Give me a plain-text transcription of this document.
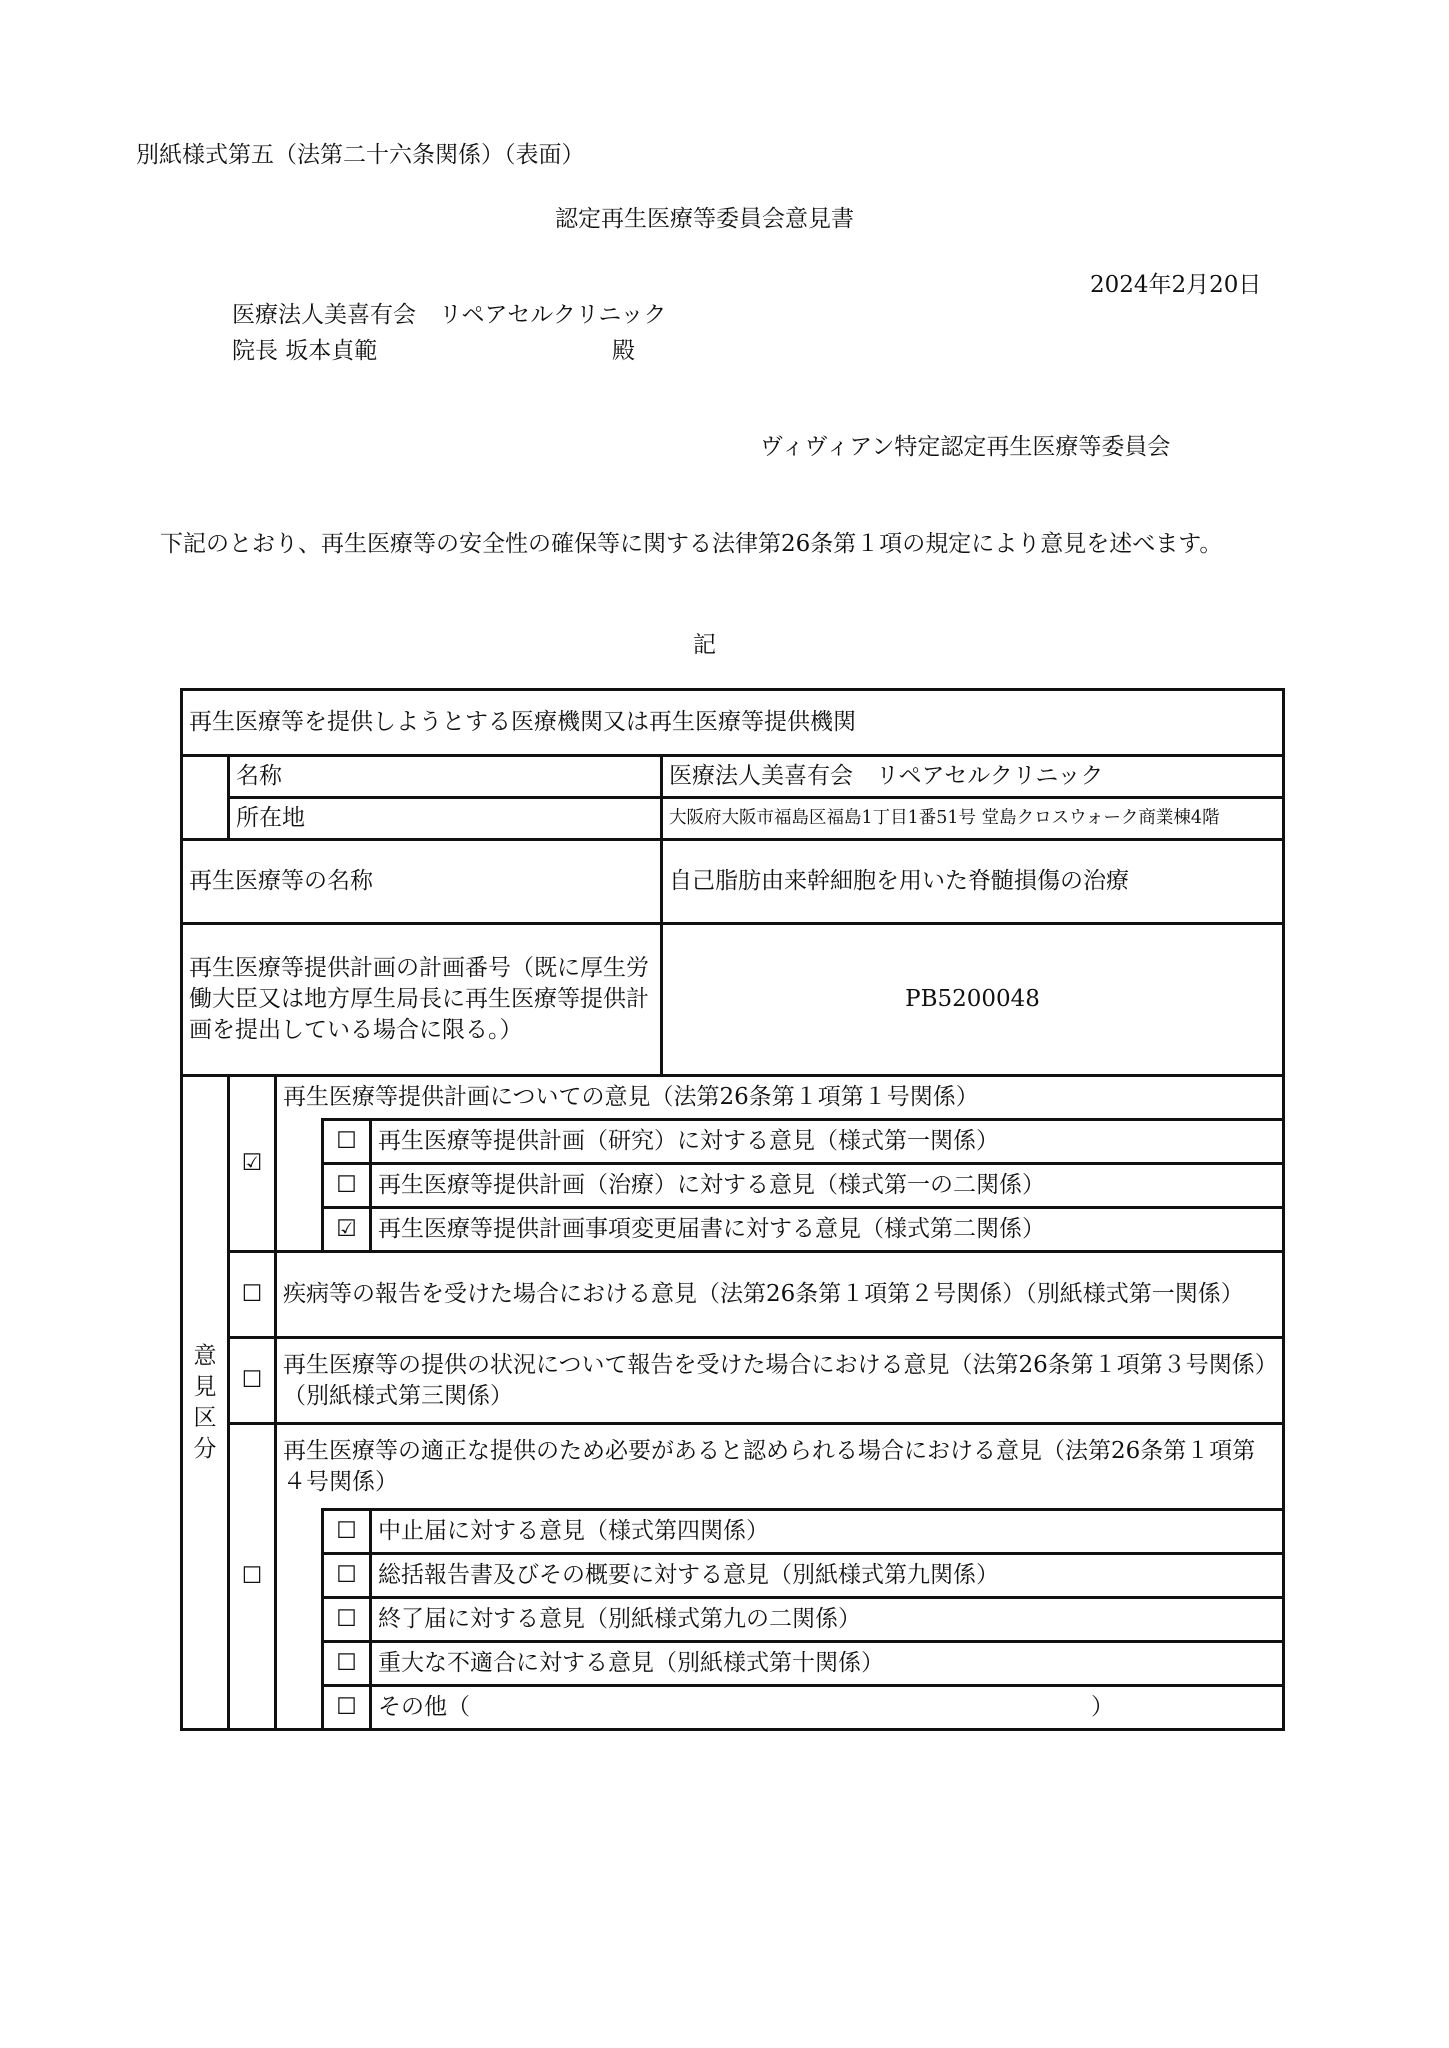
別紙様式第五（法第二十六条関係）（表面）
認定再生医療等委員会意見書
2024年2月20日
医療法人美喜有会　リペアセルクリニック
院長 坂本貞範	殿
ヴィヴィアン特定認定再生医療等委員会
下記のとおり、再生医療等の安全性の確保等に関する法律第26条第１項の規定により意見を述べます。
記
再生医療等を提供しようとする医療機関又は再生医療等提供機関					
	名称				医療法人美喜有会　リペアセルクリニック
	所在地				大阪府大阪市福島区福島1丁目1番51号 堂島クロスウォーク商業棟4階
再生医療等の名称					自己脂肪由来幹細胞を用いた脊髄損傷の治療
再生医療等提供計画の計画番号（既に厚生労働大臣又は地方厚生局長に再生医療等提供計画を提出している場合に限る。）					PB5200048

意
見
区
分	☑	再生医療等提供計画についての意見（法第26条第１項第１号関係）			
			☐	再生医療等提供計画（研究）に対する意見（様式第一関係）	
			☐	再生医療等提供計画（治療）に対する意見（様式第一の二関係）	
			☑	再生医療等提供計画事項変更届書に対する意見（様式第二関係）	
	☐	疾病等の報告を受けた場合における意見（法第26条第１項第２号関係）（別紙様式第一関係）			
	☐	再生医療等の提供の状況について報告を受けた場合における意見（法第26条第１項第３号関係）（別紙様式第三関係）			
	☐	再生医療等の適正な提供のため必要があると認められる場合における意見（法第26条第１項第４号関係）			
			☐	中止届に対する意見（様式第四関係）	
			☐	総括報告書及びその概要に対する意見（別紙様式第九関係）	
			☐	終了届に対する意見（別紙様式第九の二関係）	
			☐	重大な不適合に対する意見（別紙様式第十関係）	
			☐	その他（　　　　　　　　　　　　　　　　　　　　　　　　　　　）	
